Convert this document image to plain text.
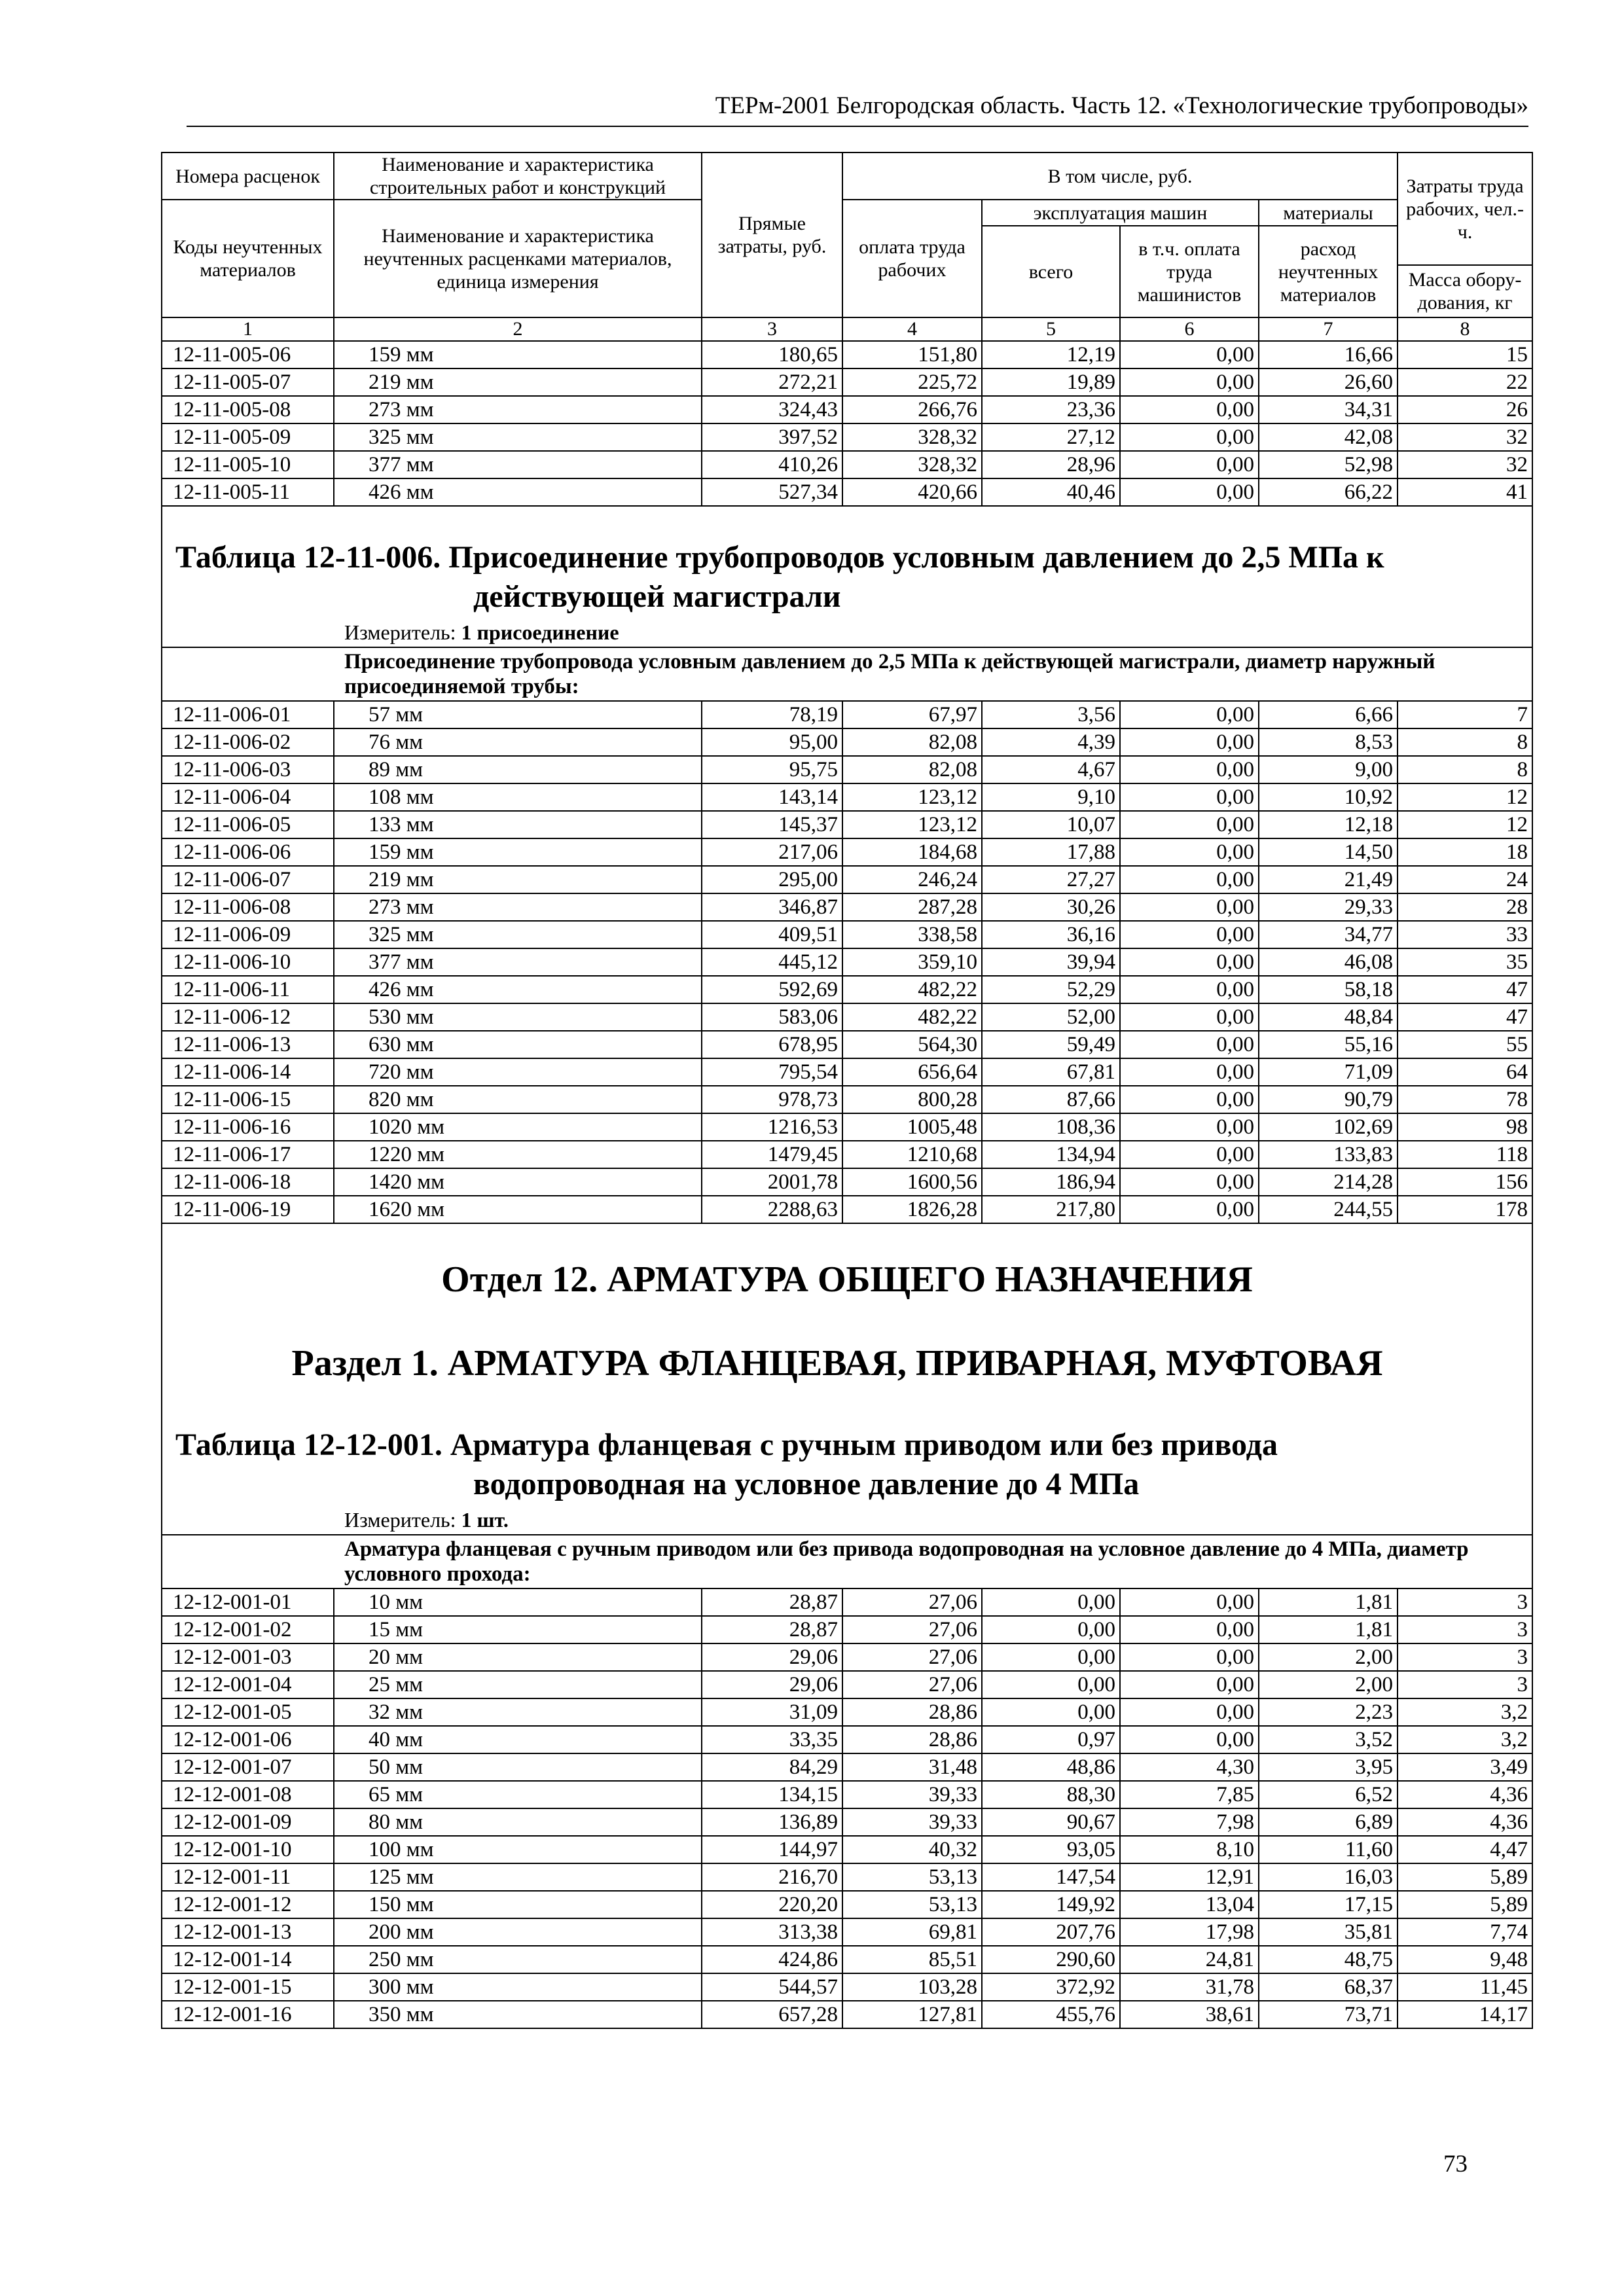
ТЕРм-2001 Белгородская область. Часть 12. «Технологические трубопроводы»
Номера расценок	Наименование и характеристика строительных работ и конструкций	Прямые затраты, руб.	В том числе, руб.				Затраты труда рабочих, чел.-ч.
Коды неучтенных материалов	Наименование и характеристика неучтенных расценками материалов, единица измерения		оплата труда рабочих	эксплуатация машин		материалы	
				всего	в т.ч. оплата труда машинистов	расход неучтенных материалов	
							Масса обору-дования, кг
1	2	3	4	5	6	7	8
12-11-005-06	159 мм	180,65	151,80	12,19	0,00	16,66	15
12-11-005-07	219 мм	272,21	225,72	19,89	0,00	26,60	22
12-11-005-08	273 мм	324,43	266,76	23,36	0,00	34,31	26
12-11-005-09	325 мм	397,52	328,32	27,12	0,00	42,08	32
12-11-005-10	377 мм	410,26	328,32	28,96	0,00	52,98	32
12-11-005-11	426 мм	527,34	420,66	40,46	0,00	66,22	41

Таблица 12-11-006. Присоединение трубопроводов условным давлением до 2,5 МПа к
действующей магистрали
Измеритель: 1 присоединение							

Присоединение трубопровода условным давлением до 2,5 МПа к действующей магистрали, диаметр наружный присоединяемой трубы:							
12-11-006-01	57 мм	78,19	67,97	3,56	0,00	6,66	7
12-11-006-02	76 мм	95,00	82,08	4,39	0,00	8,53	8
12-11-006-03	89 мм	95,75	82,08	4,67	0,00	9,00	8
12-11-006-04	108 мм	143,14	123,12	9,10	0,00	10,92	12
12-11-006-05	133 мм	145,37	123,12	10,07	0,00	12,18	12
12-11-006-06	159 мм	217,06	184,68	17,88	0,00	14,50	18
12-11-006-07	219 мм	295,00	246,24	27,27	0,00	21,49	24
12-11-006-08	273 мм	346,87	287,28	30,26	0,00	29,33	28
12-11-006-09	325 мм	409,51	338,58	36,16	0,00	34,77	33
12-11-006-10	377 мм	445,12	359,10	39,94	0,00	46,08	35
12-11-006-11	426 мм	592,69	482,22	52,29	0,00	58,18	47
12-11-006-12	530 мм	583,06	482,22	52,00	0,00	48,84	47
12-11-006-13	630 мм	678,95	564,30	59,49	0,00	55,16	55
12-11-006-14	720 мм	795,54	656,64	67,81	0,00	71,09	64
12-11-006-15	820 мм	978,73	800,28	87,66	0,00	90,79	78
12-11-006-16	1020 мм	1216,53	1005,48	108,36	0,00	102,69	98
12-11-006-17	1220 мм	1479,45	1210,68	134,94	0,00	133,83	118
12-11-006-18	1420 мм	2001,78	1600,56	186,94	0,00	214,28	156
12-11-006-19	1620 мм	2288,63	1826,28	217,80	0,00	244,55	178

Отдел 12. АРМАТУРА ОБЩЕГО НАЗНАЧЕНИЯ
Раздел 1. АРМАТУРА ФЛАНЦЕВАЯ, ПРИВАРНАЯ, МУФТОВАЯ
Таблица 12-12-001. Арматура фланцевая с ручным приводом или без привода
водопроводная на условное давление до 4 МПа
Измеритель: 1 шт.							

Арматура фланцевая с ручным приводом или без привода водопроводная на условное давление до 4 МПа, диаметр условного прохода:							
12-12-001-01	10 мм	28,87	27,06	0,00	0,00	1,81	3
12-12-001-02	15 мм	28,87	27,06	0,00	0,00	1,81	3
12-12-001-03	20 мм	29,06	27,06	0,00	0,00	2,00	3
12-12-001-04	25 мм	29,06	27,06	0,00	0,00	2,00	3
12-12-001-05	32 мм	31,09	28,86	0,00	0,00	2,23	3,2
12-12-001-06	40 мм	33,35	28,86	0,97	0,00	3,52	3,2
12-12-001-07	50 мм	84,29	31,48	48,86	4,30	3,95	3,49
12-12-001-08	65 мм	134,15	39,33	88,30	7,85	6,52	4,36
12-12-001-09	80 мм	136,89	39,33	90,67	7,98	6,89	4,36
12-12-001-10	100 мм	144,97	40,32	93,05	8,10	11,60	4,47
12-12-001-11	125 мм	216,70	53,13	147,54	12,91	16,03	5,89
12-12-001-12	150 мм	220,20	53,13	149,92	13,04	17,15	5,89
12-12-001-13	200 мм	313,38	69,81	207,76	17,98	35,81	7,74
12-12-001-14	250 мм	424,86	85,51	290,60	24,81	48,75	9,48
12-12-001-15	300 мм	544,57	103,28	372,92	31,78	68,37	11,45
12-12-001-16	350 мм	657,28	127,81	455,76	38,61	73,71	14,17
73
